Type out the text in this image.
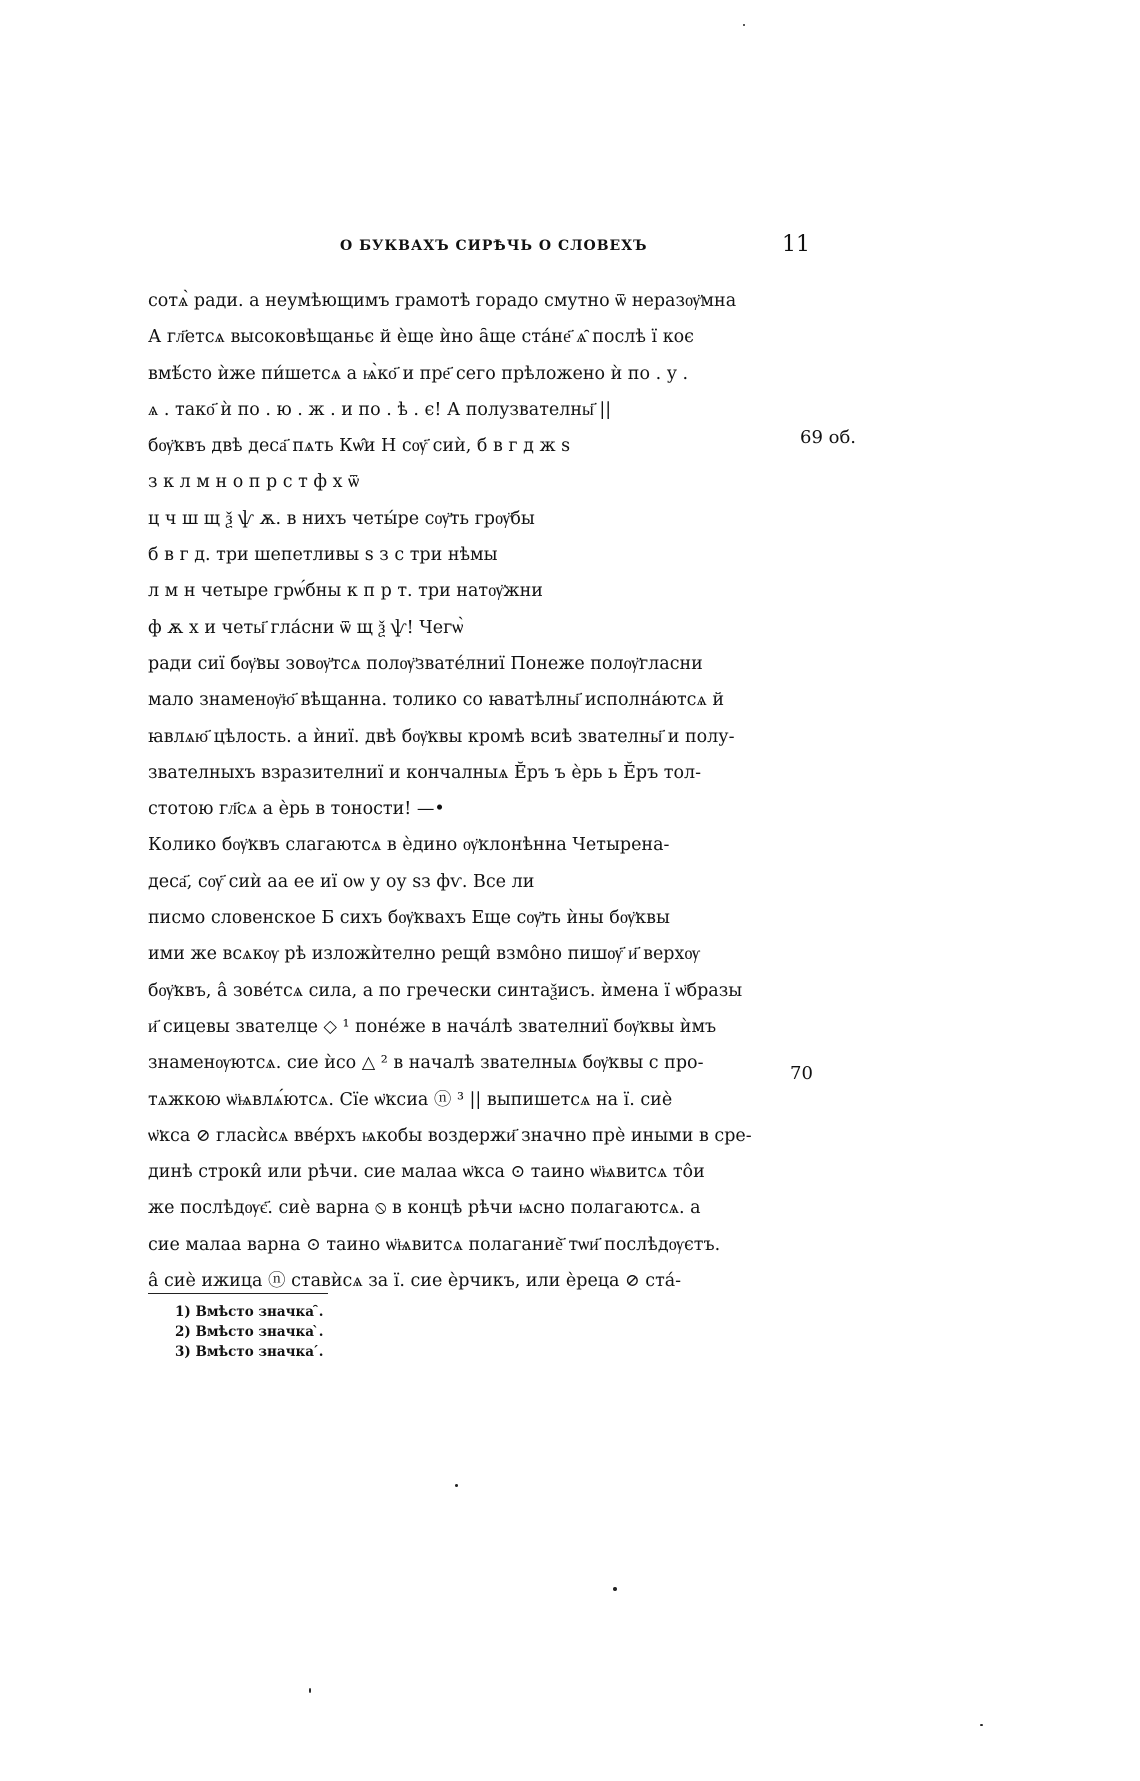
О БУКВАХЪ СИРѢЧЬ О СЛОВЕХЪ	11
сотѧ̀ ради. а неумѣющимъ грамотѣ горадо смутно ѿ неразѹ̈мна
А гл҃етсѧ высоковѣщаньє й ѐще ѝно а̑ще ста́не҃ ѧ̑ послѣ ї коє
вмѣ́сто ѝже пи́шетсѧ а ѩ̀ко҃ и пре҃ сего прѣложено ѝ по . у .
ѧ . тако҃ ѝ по . ю . ж . и по . ѣ . є! А полузвателны҃ ||
бѹ̈квъ двѣ деса҃ пѧть Кѡ̂и Н сѹ҃ сиѝ, б в г д ж ѕ
з к л м н о п р с т ф х ѿ
ц ч ш щ ѯ ѱ ѫ. в нихъ четы́ре сѹ̈ть грѹ̈бы
б в г д. три шепетливы ѕ з с три нѣмы
л м н четыре грѡ́бны к п р т. три натѹ̈жни
ф ѫ х и четы҃ гла́сни ѿ щ ѯ ѱ! Чегѡ̀
ради сиї бѹ̈вы зовѹ̈тсѧ полѹ̈звате́лниї Понеже полѹ̈гласни
мало знаменѹ̈ю҃ вѣщанна. толико со ꙗватѣлны҃ исполна́ютсѧ й
ꙗвлѧю҃ цѣлость. а ѝниї. двѣ бѹ̈квы кромѣ всиѣ звателны҃ и полу-
звателныхъ взразителниї и кончалныѧ Ӗръ ъ ѐрь ь Ӗръ тол-
стотою гл҃сѧ а ѐрь в тоности! —•
Колико бѹ̈квъ слагаютсѧ в ѐдино ѹ̈клонѣнна Четырена-
деса҃, сѹ҃ сиѝ аа ее иї оѡ у оу ѕз фѵ. Все ли
писмо словенское Б сихъ бѹ̈квахъ Еще сѹ̈ть ѝны бѹ̈квы
ими же всѧкѹ рѣ изложѝтелно рещи̂ взмо̂но пишѹ҃ и҃ верхѹ
бѹ̈квъ, а̂ зове́тсѧ сила, а по гречески синтаѯисъ. ѝмена ї ѡ̈бразы
и҃ сицевы звателце ◇ ¹ поне́же в нача́лѣ звателниї бѹ̈квы ѝмъ
знаменѹютсѧ. сие ѝсо △ ² в началѣ звателныѧ бѹ̈квы с про-
тѧжкою ѡ̈ѩвлѧ́ютсѧ. Сїе ѡ̈ксиа ⓝ ³ || выпишетсѧ на ї. сиѐ
ѡ̈кса ⊘ гласѝсѧ вве́рхъ ѩкобы воздержи҃ значно прѐ иными в сре-
динѣ строки̂ или рѣчи. сие малаа ѡ̈кса ⊙ таино ѡ̈ѩвитсѧ то̂и
же послѣдѹє҃. сиѐ варна ⦸ в концѣ рѣчи ѩсно полагаютсѧ. а
сие малаа варна ⊙ таино ѡ̈ѩвитсѧ полаганиѐ҃ тѡи҃ послѣдѹєтъ.
а̂ сиѐ ижица ⓝ ставѝсѧ за ї. сие ѐрчикъ, или ѐреца ⊘ ста́-
69 об.
70
1) Вмѣсто значка ̑.
2) Вмѣсто значка ̀.
3) Вмѣсто значка ́.
